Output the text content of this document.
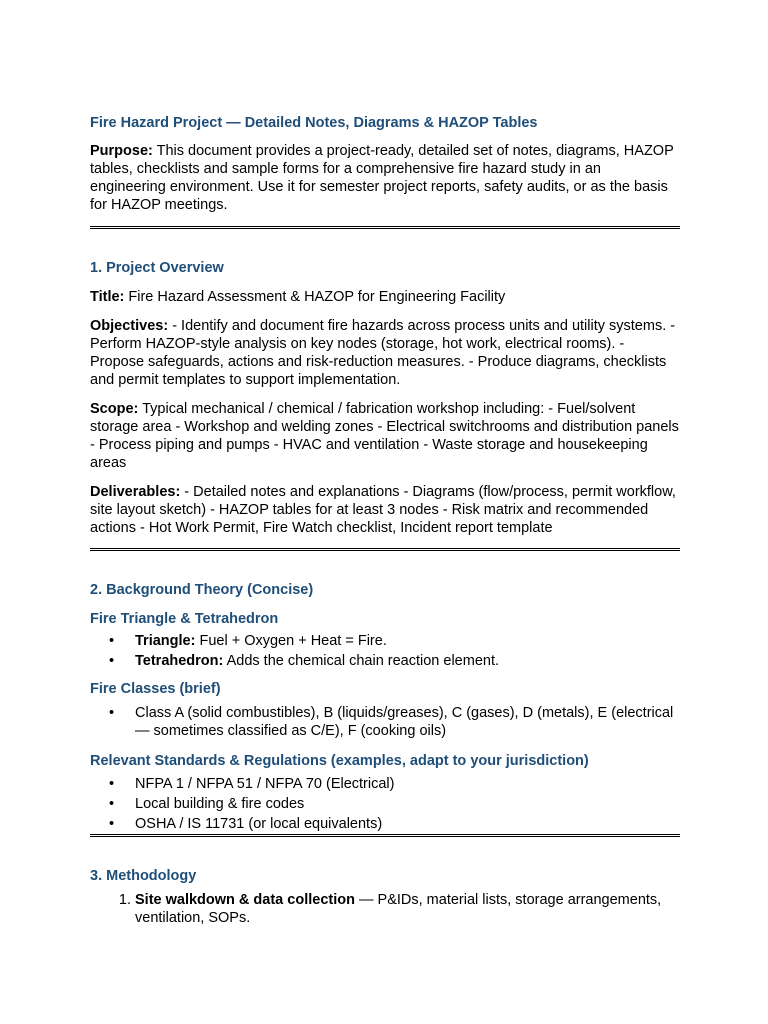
Fire Hazard Project — Detailed Notes, Diagrams & HAZOP Tables

Purpose: This document provides a project-ready, detailed set of notes, diagrams, HAZOP tables, checklists and sample forms for a comprehensive fire hazard study in an engineering environment. Use it for semester project reports, safety audits, or as the basis for HAZOP meetings.

1. Project Overview

Title: Fire Hazard Assessment & HAZOP for Engineering Facility

Objectives: - Identify and document fire hazards across process units and utility systems. - Perform HAZOP-style analysis on key nodes (storage, hot work, electrical rooms). - Propose safeguards, actions and risk-reduction measures. - Produce diagrams, checklists and permit templates to support implementation.

Scope: Typical mechanical / chemical / fabrication workshop including: - Fuel/solvent storage area - Workshop and welding zones - Electrical switchrooms and distribution panels - Process piping and pumps - HVAC and ventilation - Waste storage and housekeeping areas

Deliverables: - Detailed notes and explanations - Diagrams (flow/process, permit workflow, site layout sketch) - HAZOP tables for at least 3 nodes - Risk matrix and recommended actions - Hot Work Permit, Fire Watch checklist, Incident report template

2. Background Theory (Concise)
Fire Triangle & Tetrahedron
• Triangle: Fuel + Oxygen + Heat = Fire.
• Tetrahedron: Adds the chemical chain reaction element.
Fire Classes (brief)
• Class A (solid combustibles), B (liquids/greases), C (gases), D (metals), E (electrical — sometimes classified as C/E), F (cooking oils)
Relevant Standards & Regulations (examples, adapt to your jurisdiction)
• NFPA 1 / NFPA 51 / NFPA 70 (Electrical)
• Local building & fire codes
• OSHA / IS 11731 (or local equivalents)
3. Methodology
1. Site walkdown & data collection — P&IDs, material lists, storage arrangements, ventilation, SOPs.
